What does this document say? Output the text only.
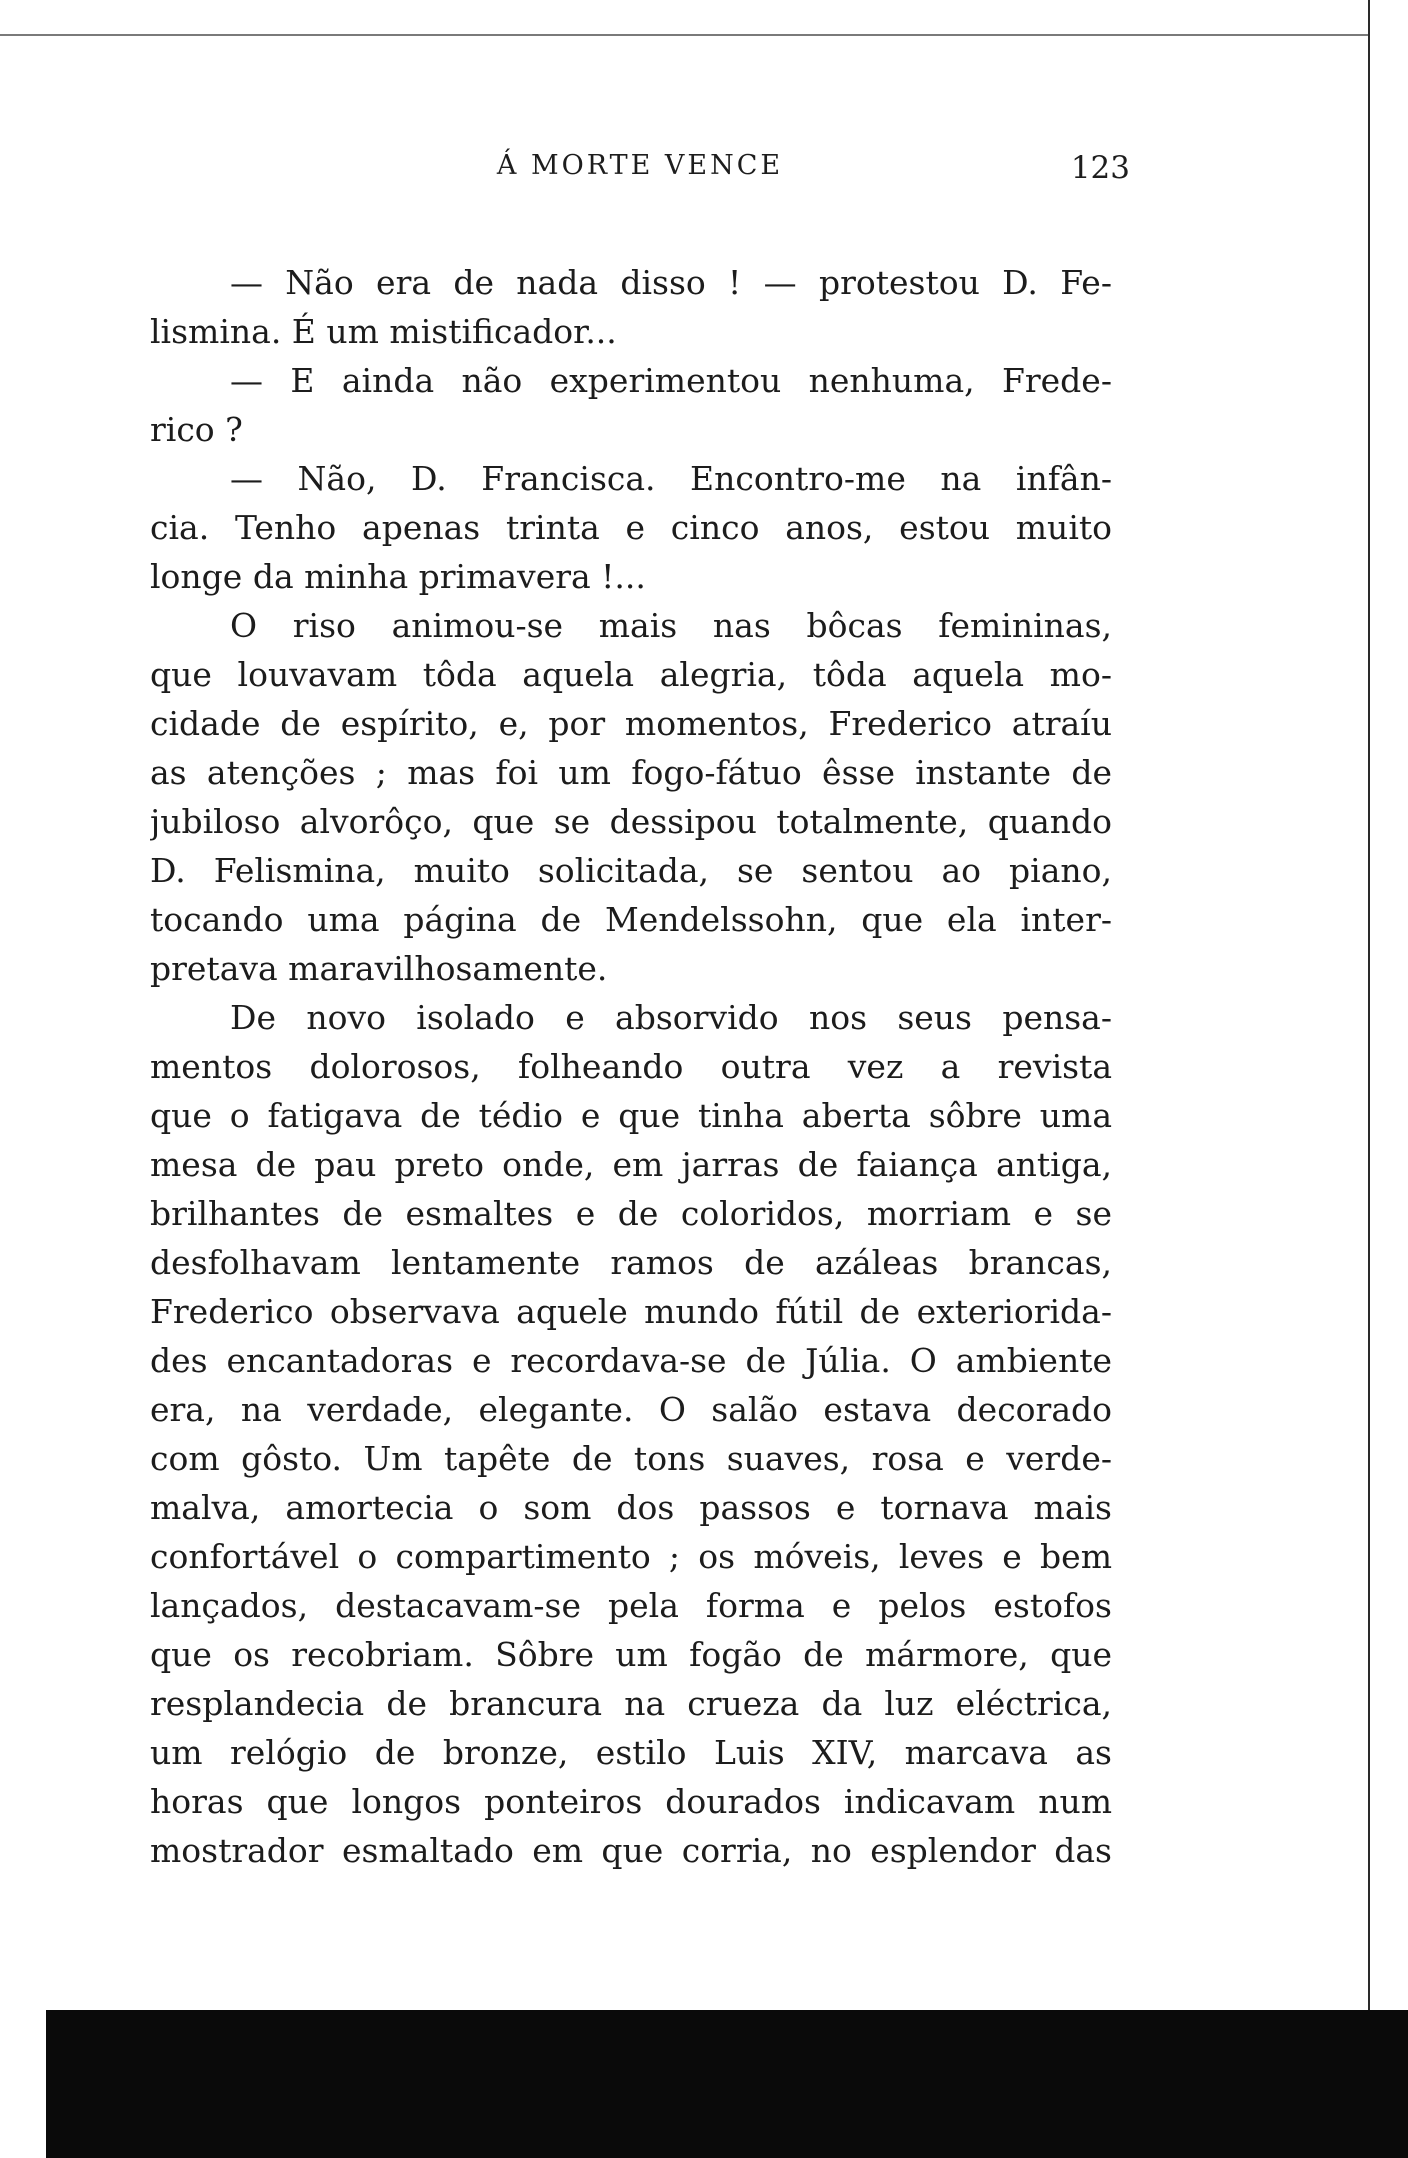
Á MORTE VENCE	123
— Não era de nada disso ! — protestou D. Fe-
lismina. É um mistificador...
— E ainda não experimentou nenhuma, Frede-
rico ?
— Não, D. Francisca. Encontro-me na infân-
cia. Tenho apenas trinta e cinco anos, estou muito
longe da minha primavera !...
O riso animou-se mais nas bôcas femininas,
que louvavam tôda aquela alegria, tôda aquela mo-
cidade de espírito, e, por momentos, Frederico atraíu
as atenções ; mas foi um fogo-fátuo êsse instante de
jubiloso alvorôço, que se dessipou totalmente, quando
D. Felismina, muito solicitada, se sentou ao piano,
tocando uma página de Mendelssohn, que ela inter-
pretava maravilhosamente.
De novo isolado e absorvido nos seus pensa-
mentos dolorosos, folheando outra vez a revista
que o fatigava de tédio e que tinha aberta sôbre uma
mesa de pau preto onde, em jarras de faiança antiga,
brilhantes de esmaltes e de coloridos, morriam e se
desfolhavam lentamente ramos de azáleas brancas,
Frederico observava aquele mundo fútil de exteriorida-
des encantadoras e recordava-se de Júlia. O ambiente
era, na verdade, elegante. O salão estava decorado
com gôsto. Um tapête de tons suaves, rosa e verde-
malva, amortecia o som dos passos e tornava mais
confortável o compartimento ; os móveis, leves e bem
lançados, destacavam-se pela forma e pelos estofos
que os recobriam. Sôbre um fogão de mármore, que
resplandecia de brancura na crueza da luz eléctrica,
um relógio de bronze, estilo Luis XIV, marcava as
horas que longos ponteiros dourados indicavam num
mostrador esmaltado em que corria, no esplendor das
